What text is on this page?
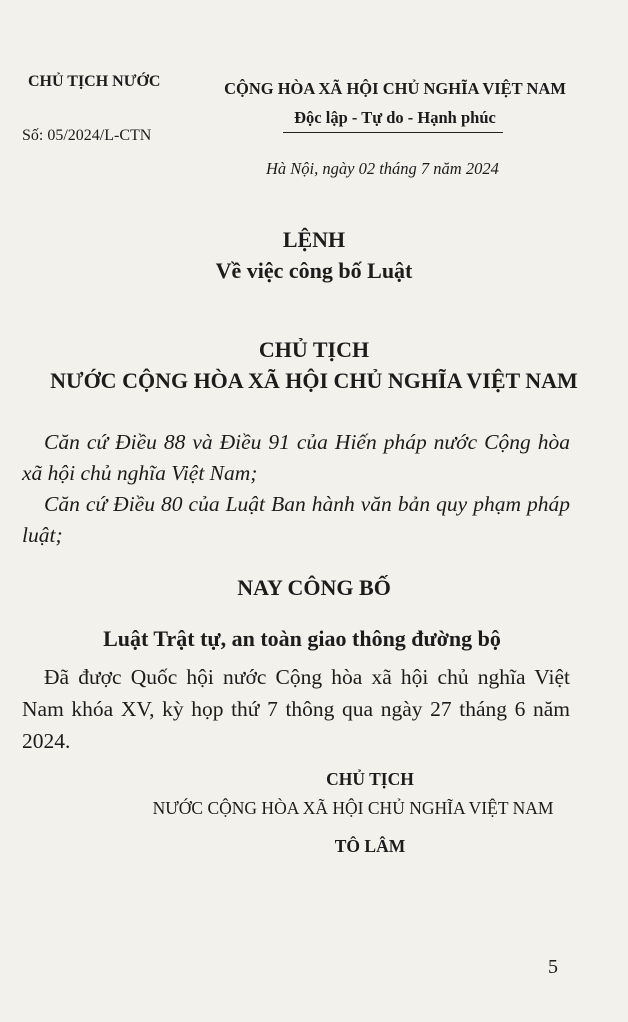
CHỦ TỊCH NƯỚC
Số: 05/2024/L-CTN
CỘNG HÒA XÃ HỘI CHỦ NGHĨA VIỆT NAM
Độc lập - Tự do - Hạnh phúc
Hà Nội, ngày 02 tháng 7 năm 2024
LỆNH
Về việc công bố Luật
CHỦ TỊCH
NƯỚC CỘNG HÒA XÃ HỘI CHỦ NGHĨA VIỆT NAM
Căn cứ Điều 88 và Điều 91 của Hiến pháp nước Cộng hòa xã hội chủ nghĩa Việt Nam;
Căn cứ Điều 80 của Luật Ban hành văn bản quy phạm pháp luật;
NAY CÔNG BỐ
Luật Trật tự, an toàn giao thông đường bộ
Đã được Quốc hội nước Cộng hòa xã hội chủ nghĩa Việt Nam khóa XV, kỳ họp thứ 7 thông qua ngày 27 tháng 6 năm 2024.
CHỦ TỊCH
NƯỚC CỘNG HÒA XÃ HỘI CHỦ NGHĨA VIỆT NAM
TÔ LÂM
5
